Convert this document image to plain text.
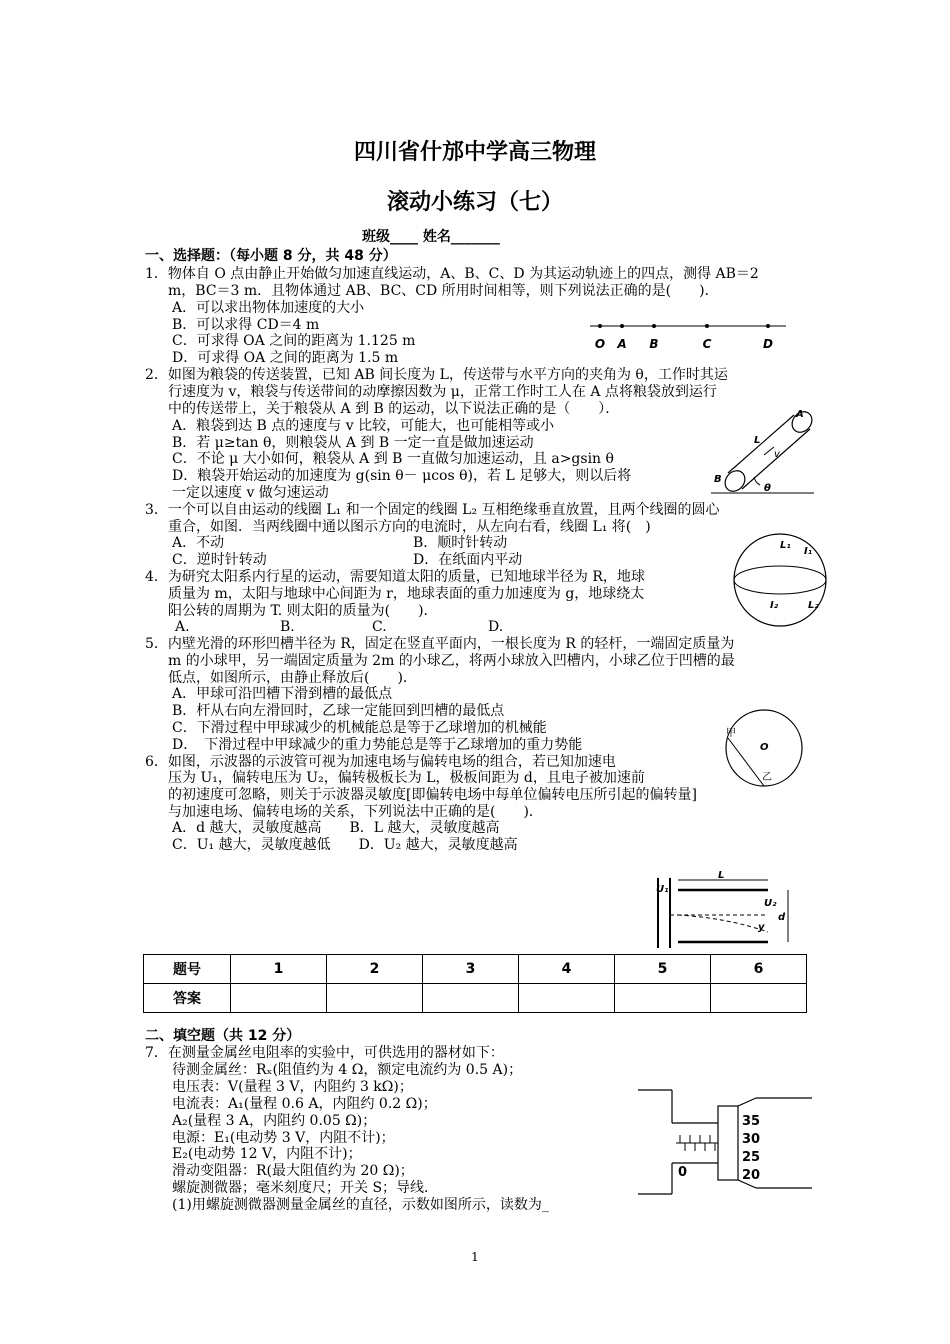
四川省什邡中学高三物理
滚动小练习（七）
班级____ 姓名_______
一、选择题：（每小题 8 分，共 48 分）
1．物体自 O 点由静止开始做匀加速直线运动，A、B、C、D 为其运动轨迹上的四点，测得 AB＝2
m，BC＝3 m．且物体通过 AB、BC、CD 所用时间相等，则下列说法正确的是(　　)．
A．可以求出物体加速度的大小
B．可以求得 CD＝4 m
C．可求得 OA 之间的距离为 1.125 m
D．可求得 OA 之间的距离为 1.5 m
2．如图为粮袋的传送装置，已知 AB 间长度为 L，传送带与水平方向的夹角为 θ，工作时其运
行速度为 v，粮袋与传送带间的动摩擦因数为 μ，正常工作时工人在 A 点将粮袋放到运行
中的传送带上，关于粮袋从 A 到 B 的运动，以下说法正确的是（　　）．
A．粮袋到达 B 点的速度与 v 比较，可能大，也可能相等或小
B．若 μ≥tan θ，则粮袋从 A 到 B 一定一直是做加速运动
C．不论 μ 大小如何，粮袋从 A 到 B 一直做匀加速运动，且 a>gsin θ
D．粮袋开始运动的加速度为 g(sin θ－ μcos θ)，若 L 足够大，则以后将
一定以速度 v 做匀速运动
3．一个可以自由运动的线圈 L₁ 和一个固定的线圈 L₂ 互相绝缘垂直放置，且两个线圈的圆心
重合，如图．当两线圈中通以图示方向的电流时，从左向右看，线圈 L₁ 将(　)
A．不动	B．顺时针转动
C．逆时针转动	D．在纸面内平动
4．为研究太阳系内行星的运动，需要知道太阳的质量，已知地球半径为 R，地球
质量为 m，太阳与地球中心间距为 r，地球表面的重力加速度为 g，地球绕太
阳公转的周期为 T. 则太阳的质量为(　　)．
A.	B.	C.	D.
5．内壁光滑的环形凹槽半径为 R，固定在竖直平面内，一根长度为 R 的轻杆，一端固定质量为
m 的小球甲，另一端固定质量为 2m 的小球乙，将两小球放入凹槽内，小球乙位于凹槽的最
低点，如图所示，由静止释放后(　　)．
A．甲球可沿凹槽下滑到槽的最低点
B．杆从右向左滑回时，乙球一定能回到凹槽的最低点
C．下滑过程中甲球减少的机械能总是等于乙球增加的机械能
D．　下滑过程中甲球减少的重力势能总是等于乙球增加的重力势能
6．如图，示波器的示波管可视为加速电场与偏转电场的组合，若已知加速电
压为 U₁，偏转电压为 U₂，偏转极板长为 L，极板间距为 d，且电子被加速前
的初速度可忽略，则关于示波器灵敏度[即偏转电场中每单位偏转电压所引起的偏转量]
与加速电场、偏转电场的关系，下列说法中正确的是(　　)．
A．d 越大，灵敏度越高　　B．L 越大，灵敏度越高
C．U₁ 越大，灵敏度越低　　D．U₂ 越大，灵敏度越高
O A B	C	D
A
B
L
v
θ
L₁
I₁
I₂	L₂
甲
O
乙
U₁
L
U₂
d
y
题号	1	2	3	4	5	6
答案						
二、填空题（共 12 分）
7．在测量金属丝电阻率的实验中，可供选用的器材如下：
待测金属丝：Rₓ(阻值约为 4 Ω，额定电流约为 0.5 A)；
电压表：V(量程 3 V，内阻约 3 kΩ)；
电流表：A₁(量程 0.6 A，内阻约 0.2 Ω)；
A₂(量程 3 A，内阻约 0.05 Ω)；
电源：E₁(电动势 3 V，内阻不计)；
E₂(电动势 12 V，内阻不计)；
滑动变阻器：R(最大阻值约为 20 Ω)；
螺旋测微器；毫米刻度尺；开关 S；导线．
(1)用螺旋测微器测量金属丝的直径，示数如图所示，读数为_
35
30
25
20
0
1
